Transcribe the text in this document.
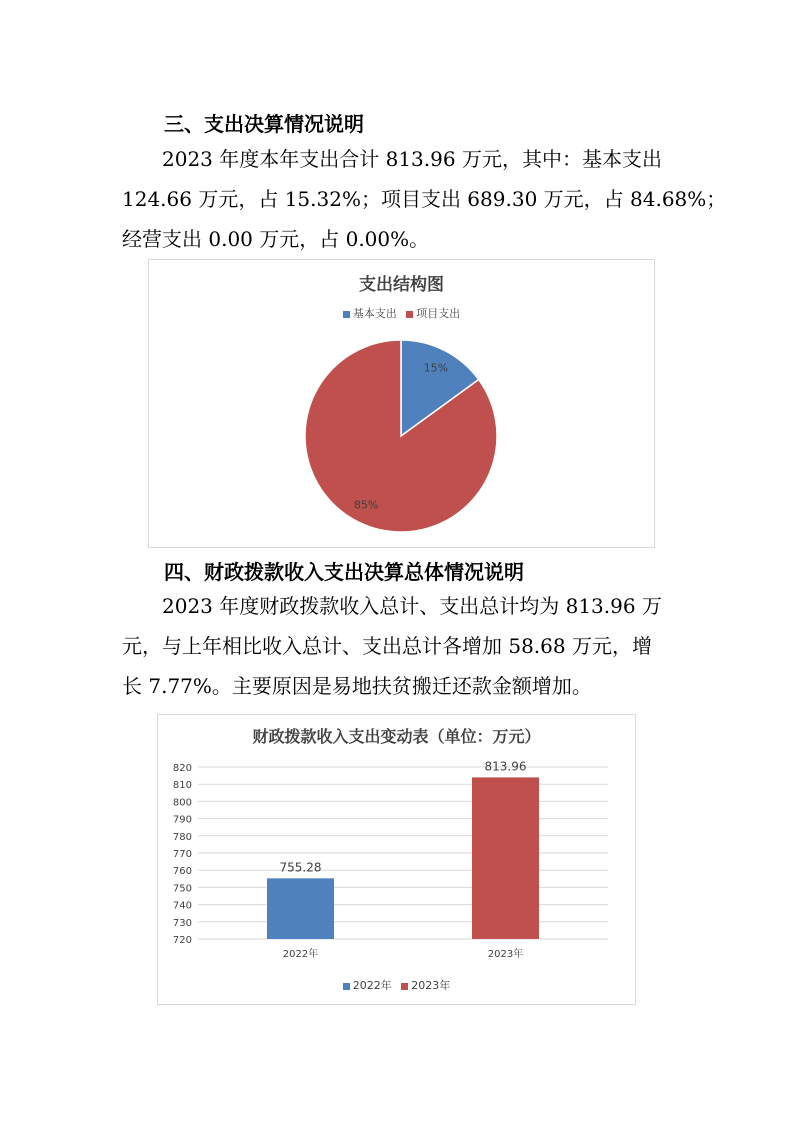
三、支出决算情况说明
2023 年度本年支出合计 813.96 万元，其中：基本支出
124.66 万元，占 15.32%；项目支出 689.30 万元，占 84.68%；
经营支出 0.00 万元，占 0.00%。
支出结构图
基本支出 项目支出
15%
85%
四、财政拨款收入支出决算总体情况说明
2023 年度财政拨款收入总计、支出总计均为 813.96 万
元，与上年相比收入总计、支出总计各增加 58.68 万元，增
长 7.77%。主要原因是易地扶贫搬迁还款金额增加。
财政拨款收入支出变动表（单位：万元）
720
730
740
750
760
770
780
790
800
810
820
755.28
2022年
813.96
2023年
2022年 2023年
